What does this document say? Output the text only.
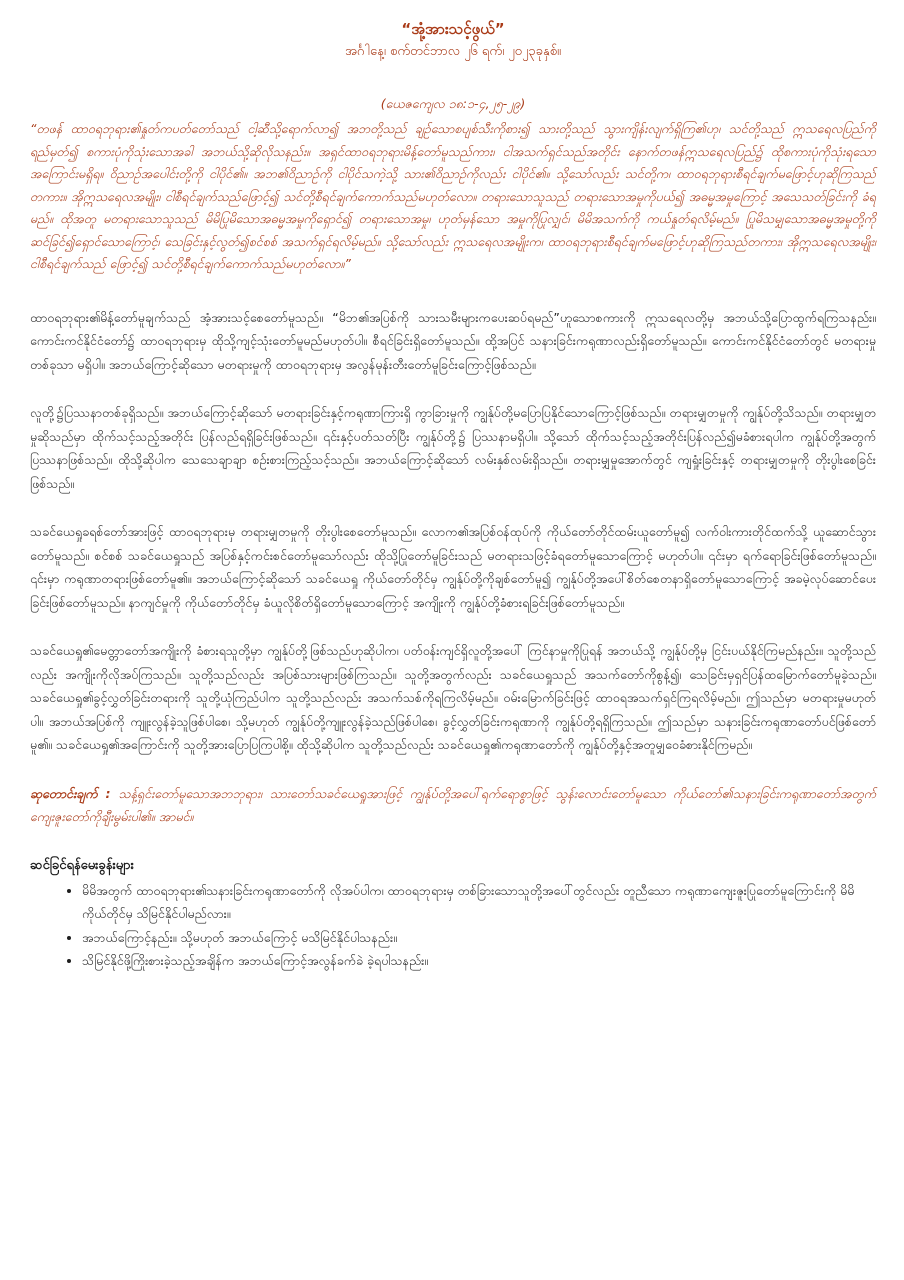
“အုံ့အားသင့်ဖွယ်”

အင်္ဂါနေ့၊ စက်တင်ဘာလ ၂၆ ရက်၊ ၂၀၂၃ခုနှစ်။

(ယေဇကျေလ ၁၈:၁-၄,၂၅-၂၉)

“တဖန် ထာဝရဘုရား၏နှုတ်ကပတ်တော်သည် ငါ့ဆီသို့ရောက်လာ၍ အဘတို့သည် ချဉ်သောစပျစ်သီးကိုစား၍ သားတို့သည် သွားကျိန်းလျက်ရှိကြ၏ဟု၊ သင်တို့သည် ဣသရေလပြည်ကိုရည်မှတ်၍ စကားပုံကိုသုံးသောအခါ အဘယ်သို့ဆိုလိုသနည်း။ အရှင်ထာဝရဘုရားမိန့်တော်မူသည်ကား၊ ငါအသက်ရှင်သည်အတိုင်း နောက်တဖန်ဣသရေလပြည်၌ ထိုစကားပုံကိုသုံးရသောအကြောင်းမရှိရ။ ဝိညာဉ်အပေါင်းတို့ကို ငါပိုင်၏။ အဘ၏ဝိညာဉ်ကို ငါပိုင်သကဲ့သို့ သား၏ဝိညာဉ်ကိုလည်း ငါပိုင်၏။ သို့သော်လည်း သင်တို့က၊ ထာဝရဘုရားစီရင်ချက်မဖြောင့်ဟုဆိုကြသည်တကား။ အိုဣသရေလအမျိုး၊ ငါစီရင်ချက်သည်ဖြောင့်၍ သင်တို့စီရင်ချက်ကောက်သည်မဟုတ်လော။ တရားသောသူသည် တရားသောအမှုကိုပယ်၍ အဓမ္မအမှုကြောင့် အသေသတ်ခြင်းကို ခံရမည်။ ထိုအတူ မတရားသောသူသည် မိမိပြုမိသောအဓမ္မအမှုကိုရှောင်၍ တရားသောအမှု၊ ဟုတ်မှန်သော အမှုကိုပြုလျှင်၊ မိမိအသက်ကို ကယ်နှုတ်ရလိမ့်မည်။ ပြုမိသမျှသောအဓမ္မအမှုတို့ကို ဆင်ခြင်၍ရှောင်သောကြောင့်၊ သေခြင်းနှင့်လွတ်၍စင်စစ် အသက်ရှင်ရလိမ့်မည်။ သို့သော်လည်း ဣသရေလအမျိုးက၊ ထာဝရဘုရားစီရင်ချက်မဖြောင့်ဟုဆိုကြသည်တကား၊ အိုဣသရေလအမျိုး၊ ငါစီရင်ချက်သည် ဖြောင့်၍ သင်တို့စီရင်ချက်ကောက်သည်မဟုတ်လော။”

ထာဝရဘုရား၏မိန့်တော်မူချက်သည် အံ့အားသင့်စေတော်မူသည်။ “မိဘ၏အပြစ်ကို သားသမီးများကပေးဆပ်ရမည်”ဟူသောစကားကို ဣသရေလတို့မှ အဘယ်သို့ပြောထွက်ရကြသနည်း။ ကောင်းကင်နိုင်ငံတော်၌ ထာဝရဘုရားမှ ထိုသို့ကျင့်သုံးတော်မူမည်မဟုတ်ပါ။ စီရင်ခြင်းရှိတော်မူသည်။ ထို့အပြင် သနားခြင်းကရုဏာလည်းရှိတော်မူသည်။ ကောင်းကင်နိုင်ငံတော်တွင် မတရားမှုတစ်ခုသာ မရှိပါ။ အဘယ်ကြောင့်ဆိုသော မတရားမှုကို ထာဝရဘုရားမှ အလွန်မုန်းတီးတော်မူခြင်းကြောင့်ဖြစ်သည်။

လူတို့၌ပြဿနာတစ်ခုရှိသည်။ အဘယ်ကြောင့်ဆိုသော် မတရားခြင်းနှင့်ကရုဏာကြားရှိ ကွာခြားမှုကို ကျွန်ုပ်တို့မပြောပြနိုင်သောကြောင့်ဖြစ်သည်။ တရားမျှတမှုကို ကျွန်ုပ်တို့သိသည်။ တရားမျှတမှုဆိုသည်မှာ ထိုက်သင့်သည့်အတိုင်း ပြန်လည်ရရှိခြင်းဖြစ်သည်။ ၎င်းနှင့်ပတ်သတ်ပြီး ကျွန်ုပ်တို့၌ ပြဿနာမရှိပါ။ သို့သော် ထိုက်သင့်သည့်အတိုင်းပြန်လည်၍မခံစားရပါက ကျွန်ုပ်တို့အတွက်ပြဿနာဖြစ်သည်။ ထိုသို့ဆိုပါက သေသေချာချာ စဉ်းစားကြည့်သင့်သည်။ အဘယ်ကြောင့်ဆိုသော် လမ်းနှစ်လမ်းရှိသည်။ တရားမျှမှုအောက်တွင် ကျရှုံးခြင်းနှင့် တရားမျှတမှုကို တိုးပွါးစေခြင်းဖြစ်သည်။

သခင်ယေရှုခရစ်တော်အားဖြင့် ထာဝရဘုရားမှ တရားမျှတမှုကို တိုးပွါးစေတော်မူသည်။ လောက၏အပြစ်ဝန်ထုပ်ကို ကိုယ်တော်တိုင်ထမ်းယူတော်မူ၍ လက်ဝါးကားတိုင်ထက်သို့ ယူဆောင်သွားတော်မူသည်။ စင်စစ် သခင်ယေရှုသည် အပြစ်နှင့်ကင်းစင်တော်မူသော်လည်း ထိုသို့ပြုတော်မူခြင်းသည် မတရားသဖြင့်ခံရတော်မူသောကြောင့် မဟုတ်ပါ။ ၎င်းမှာ ရက်ရောခြင်းဖြစ်တော်မူသည်။ ၎င်းမှာ ကရုဏာတရားဖြစ်တော်မူ၏။ အဘယ်ကြောင့်ဆိုသော် သခင်ယေရှု ကိုယ်တော်တိုင်မှ ကျွန်ုပ်တို့ကိုချစ်တော်မူ၍ ကျွန်ုပ်တို့အပေါ်စိတ်စေတနာရှိတော်မူသောကြောင့် အခမဲ့လုပ်ဆောင်ပေး ခြင်းဖြစ်တော်မူသည်။ နာကျင်မှုကို ကိုယ်တော်တိုင်မှ ခံယူလိုစိတ်ရှိတော်မူသောကြောင့် အကျိုးကို ကျွန်ုပ်တို့ခံစားရခြင်းဖြစ်တော်မူသည်။

သခင်ယေရှု၏မေတ္တာတော်အကျိုးကို ခံစားရသူတို့မှာ ကျွန်ုပ်တို့ဖြစ်သည်ဟုဆိုပါက၊ ပတ်ဝန်းကျင်ရှိလူတို့အပေါ် ကြင်နာမှုကိုပြုရန် အဘယ်သို့ ကျွန်ုပ်တို့မှ ငြင်းပယ်နိုင်ကြမည်နည်း။ သူတို့သည်လည်း အကျိုးကိုလိုအပ်ကြသည်။ သူတို့သည်လည်း အပြစ်သားများဖြစ်ကြသည်။ သူတို့အတွက်လည်း သခင်ယေရှုသည် အသက်တော်ကိုစွန့်၍၊ သေခြင်းမှရှင်ပြန်ထမြောက်တော်မူခဲ့သည်။ သခင်ယေရှု၏ခွင့်လွှတ်ခြင်းတရားကို သူတို့ယုံကြည်ပါက သူတို့သည်လည်း အသက်သစ်ကိုရကြလိမ့်မည်။ ဝမ်းမြောက်ခြင်းဖြင့် ထာဝရအသက်ရှင်ကြရလိမ့်မည်။ ဤသည်မှာ မတရားမှုမဟုတ်ပါ။ အဘယ်အပြစ်ကို ကျူးလွန်ခဲ့သူဖြစ်ပါစေ၊ သို့မဟုတ် ကျွန်ုပ်တို့ကျူးလွန်ခဲ့သည်ဖြစ်ပါစေ၊ ခွင့်လွှတ်ခြင်းကရုဏာကို ကျွန်ုပ်တို့ရရှိကြသည်။ ဤသည်မှာ သနားခြင်းကရုဏာတော်ပင်ဖြစ်တော်မူ၏။ သခင်ယေရှု၏အကြောင်းကို သူတို့အားပြောပြကြပါစို့။ ထိုသို့ဆိုပါက သူတို့သည်လည်း သခင်ယေရှု၏ကရုဏာတော်ကို ကျွန်ုပ်တို့နှင့်အတူမျှဝေခံစားနိုင်ကြမည်။

ဆုတောင်းချက် : သန့်ရှင်းတော်မူသောအဘဘုရား၊ သားတော်သခင်ယေရှုအားဖြင့် ကျွန်ုပ်တို့အပေါ်ရက်ရောစွာဖြင့် သွန်းလောင်းတော်မူသော ကိုယ်တော်၏သနားခြင်းကရုဏာတော်အတွက် ကျေးဇူးတော်ကိုချီးမွမ်းပါ၏။ အာမင်။

ဆင်ခြင်ရန်မေးခွန်းများ

• မိမိအတွက် ထာဝရဘုရား၏သနားခြင်းကရုဏာတော်ကို လိုအပ်ပါက၊ ထာဝရဘုရားမှ တစ်ခြားသောသူတို့အပေါ်တွင်လည်း တူညီသော ကရုဏာကျေးဇူးပြုတော်မူကြောင်းကို မိမိကိုယ်တိုင်မှ သိမြင်နိုင်ပါမည်လား။
• အဘယ်ကြောင့်နည်း။ သို့မဟုတ် အဘယ်ကြောင့် မသိမြင်နိုင်ပါသနည်း။
• သိမြင်နိုင်ဖို့ကြိုးစားခဲ့သည့်အချိန်က အဘယ်ကြောင့်အလွန်ခက်ခဲ ခဲ့ရပါသနည်း။
